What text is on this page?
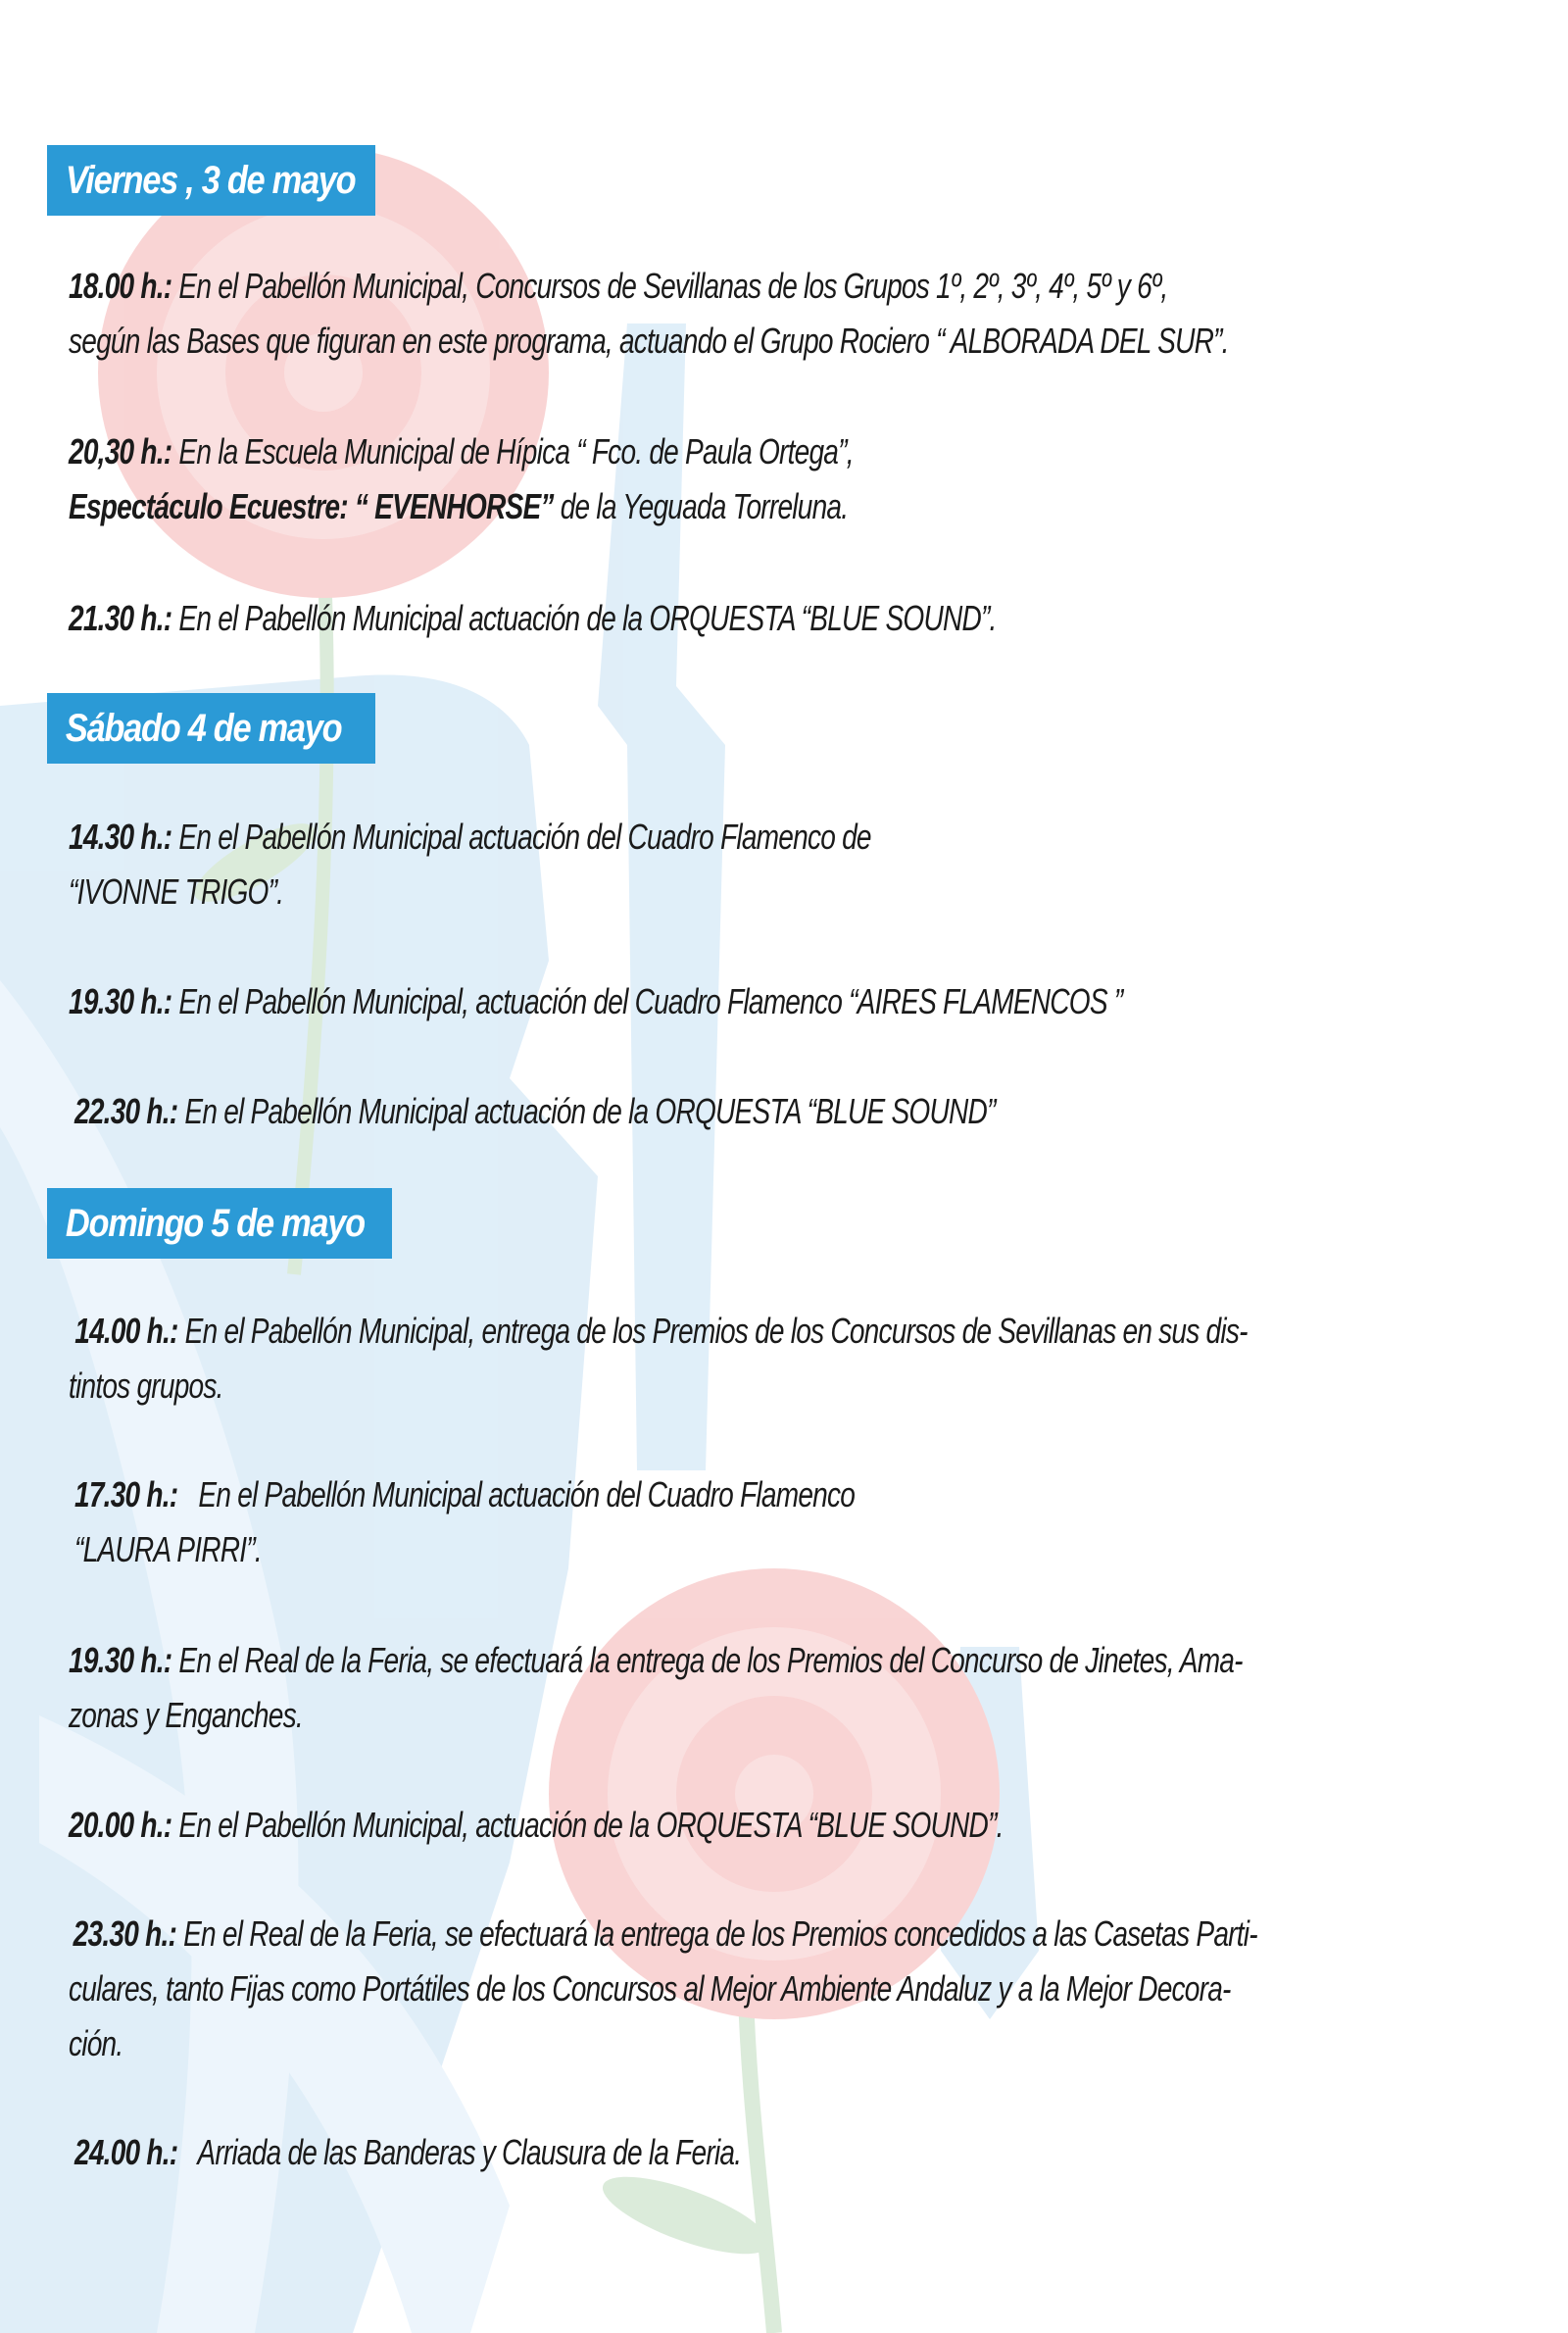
Viernes , 3 de mayo
18.00 h.: En el Pabellón Municipal, Concursos de Sevillanas de los Grupos 1º, 2º, 3º, 4º, 5º y 6º,
según las Bases que figuran en este programa, actuando el Grupo Rociero “ ALBORADA DEL SUR”.
20,30 h.: En la Escuela Municipal de Hípica “ Fco. de Paula Ortega”,
Espectáculo Ecuestre: “ EVENHORSE” de la Yeguada Torreluna.
21.30 h.: En el Pabellón Municipal actuación de la ORQUESTA “BLUE SOUND”.
Sábado 4 de mayo
14.30 h.: En el Pabellón Municipal actuación del Cuadro Flamenco de
“IVONNE TRIGO”.
19.30 h.: En el Pabellón Municipal, actuación del Cuadro Flamenco “AIRES FLAMENCOS ”
22.30 h.: En el Pabellón Municipal actuación de la ORQUESTA “BLUE SOUND”
Domingo 5 de mayo
14.00 h.: En el Pabellón Municipal, entrega de los Premios de los Concursos de Sevillanas en sus dis-
tintos grupos.
17.30 h.: En el Pabellón Municipal actuación del Cuadro Flamenco
“LAURA PIRRI”.
19.30 h.: En el Real de la Feria, se efectuará la entrega de los Premios del Concurso de Jinetes, Ama-
zonas y Enganches.
20.00 h.: En el Pabellón Municipal, actuación de la ORQUESTA “BLUE SOUND”.
23.30 h.: En el Real de la Feria, se efectuará la entrega de los Premios concedidos a las Casetas Parti-
culares, tanto Fijas como Portátiles de los Concursos al Mejor Ambiente Andaluz y a la Mejor Decora-
ción.
24.00 h.: Arriada de las Banderas y Clausura de la Feria.
